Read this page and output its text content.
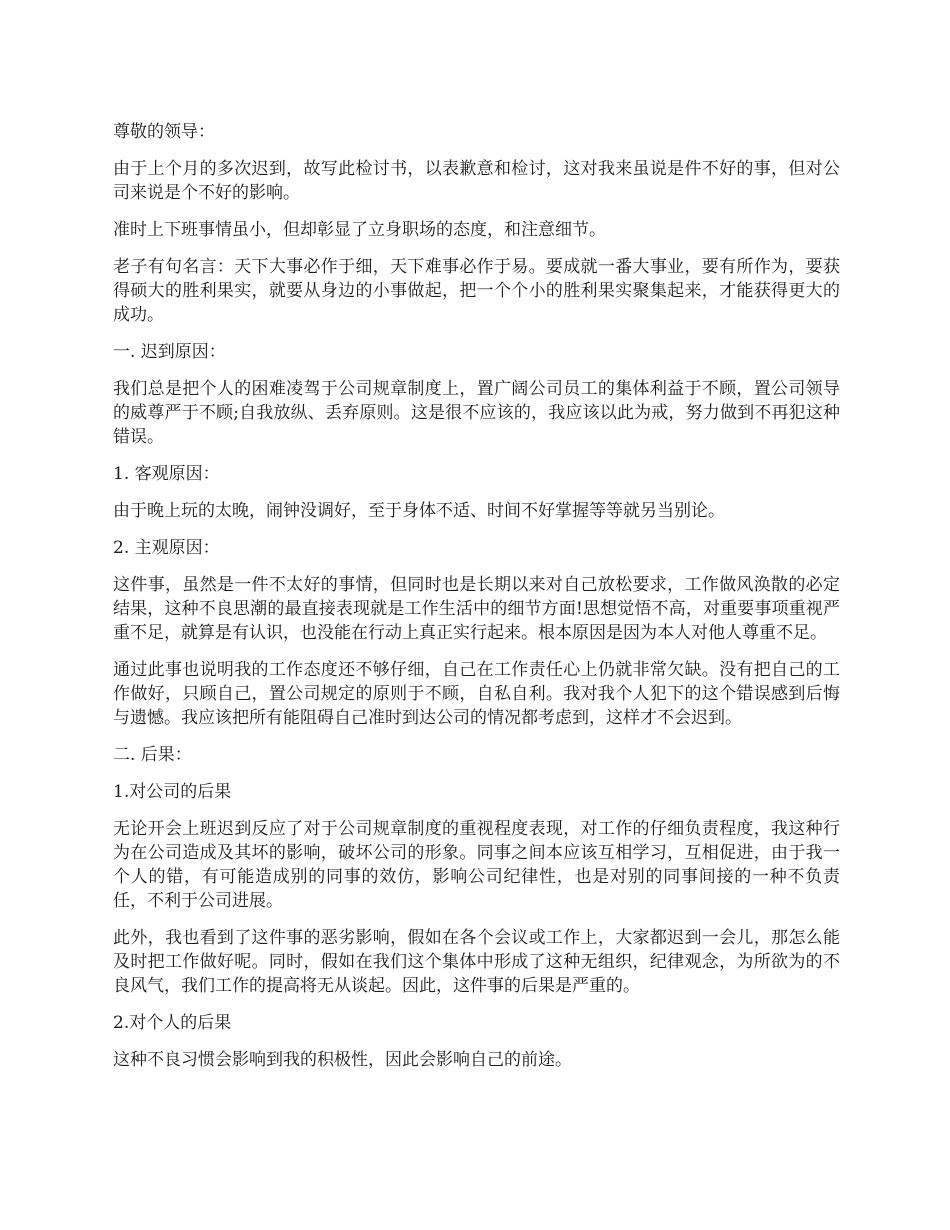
尊敬的领导：

由于上个月的多次迟到，故写此检讨书，以表歉意和检讨，这对我来虽说是件不好的事，但对公司来说是个不好的影响。

准时上下班事情虽小，但却彰显了立身职场的态度，和注意细节。

老子有句名言：天下大事必作于细，天下难事必作于易。要成就一番大事业，要有所作为，要获得硕大的胜利果实，就要从身边的小事做起，把一个个小的胜利果实聚集起来，才能获得更大的成功。

一. 迟到原因：

我们总是把个人的困难凌驾于公司规章制度上，置广阔公司员工的集体利益于不顾，置公司领导的威尊严于不顾;自我放纵、丢弃原则。这是很不应该的，我应该以此为戒，努力做到不再犯这种错误。

1. 客观原因：

由于晚上玩的太晚，闹钟没调好，至于身体不适、时间不好掌握等等就另当别论。

2. 主观原因：

这件事，虽然是一件不太好的事情，但同时也是长期以来对自己放松要求，工作做风涣散的必定结果，这种不良思潮的最直接表现就是工作生活中的细节方面!思想觉悟不高，对重要事项重视严重不足，就算是有认识，也没能在行动上真正实行起来。根本原因是因为本人对他人尊重不足。

通过此事也说明我的工作态度还不够仔细，自己在工作责任心上仍就非常欠缺。没有把自己的工作做好，只顾自己，置公司规定的原则于不顾，自私自利。我对我个人犯下的这个错误感到后悔与遗憾。我应该把所有能阻碍自己准时到达公司的情况都考虑到，这样才不会迟到。

二. 后果：

1.对公司的后果

无论开会上班迟到反应了对于公司规章制度的重视程度表现，对工作的仔细负责程度，我这种行为在公司造成及其坏的影响，破坏公司的形象。同事之间本应该互相学习，互相促进，由于我一个人的错，有可能造成别的同事的效仿，影响公司纪律性，也是对别的同事间接的一种不负责任，不利于公司进展。

此外，我也看到了这件事的恶劣影响，假如在各个会议或工作上，大家都迟到一会儿，那怎么能及时把工作做好呢。同时，假如在我们这个集体中形成了这种无组织，纪律观念，为所欲为的不良风气，我们工作的提高将无从谈起。因此，这件事的后果是严重的。

2.对个人的后果

这种不良习惯会影响到我的积极性，因此会影响自己的前途。
